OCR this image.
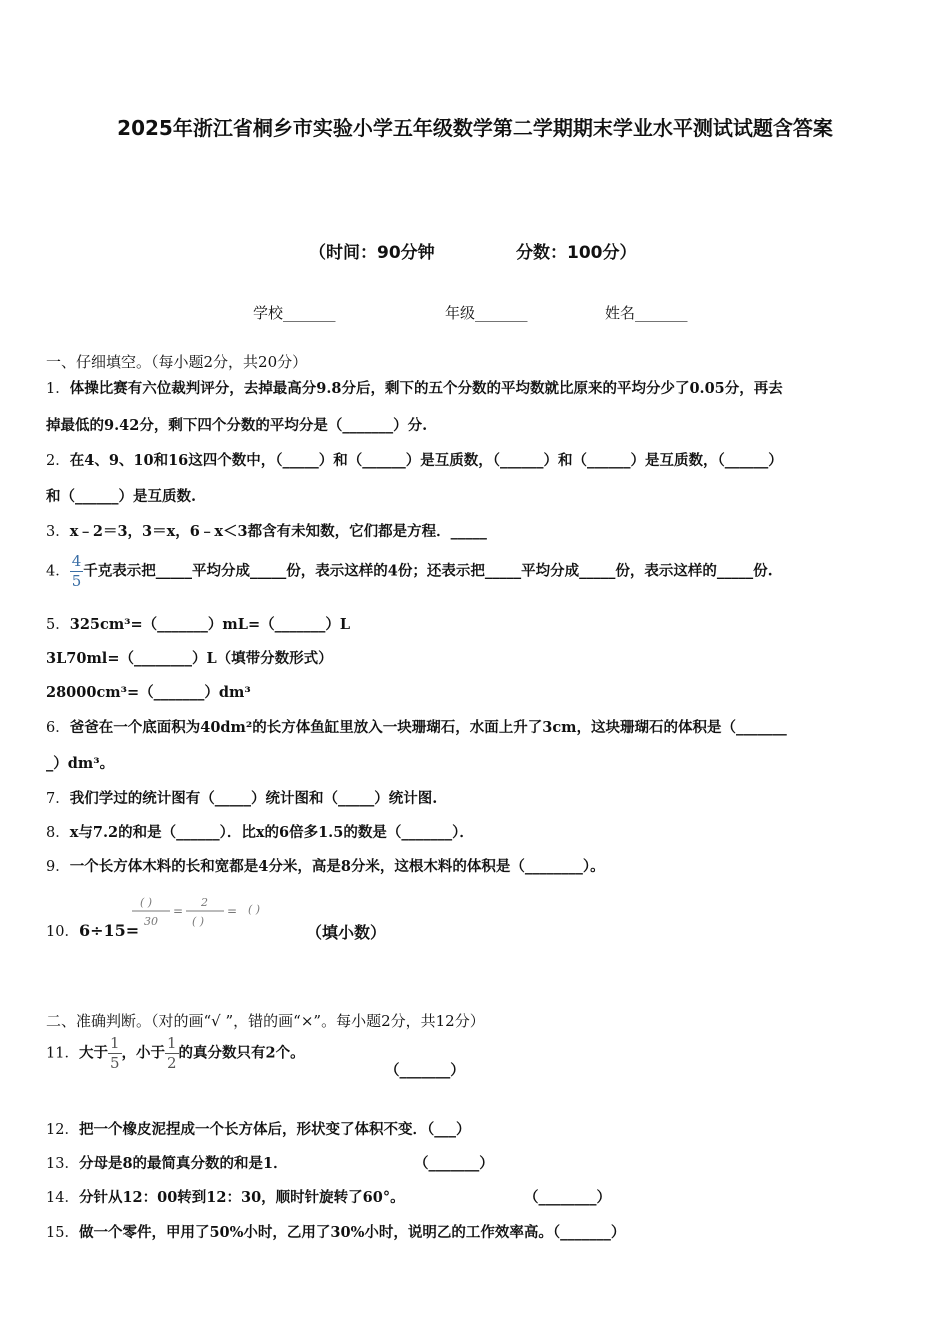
2025年浙江省桐乡市实验小学五年级数学第二学期期末学业水平测试试题含答案
（时间：90分钟	分数：100分）
学校_______	年级_______	姓名_______
一、仔细填空。（每小题2分，共20分）
1．体操比赛有六位裁判评分，去掉最高分9.8分后，剩下的五个分数的平均数就比原来的平均分少了0.05分，再去
掉最低的9.42分，剩下四个分数的平均分是（_______）分.
2．在4、9、10和16这四个数中，（_____）和（______）是互质数，（______）和（______）是互质数，（______）
和（______）是互质数.
3．x﹣2＝3，3＝x，6﹣x＜3都含有未知数，它们都是方程．_____
4． $\frac{4}{5}$ 千克表示把_____平均分成_____份，表示这样的4份；还表示把_____平均分成_____份，表示这样的_____份.
5．325cm³=（_______）mL=（_______）L
3L70ml=（________）L（填带分数形式）
28000cm³=（_______）dm³
6．爸爸在一个底面积为40dm²的长方体鱼缸里放入一块珊瑚石，水面上升了3cm，这块珊瑚石的体积是（_______
_）dm³。
7．我们学过的统计图有（_____）统计图和（_____）统计图.
8．x与7.2的和是（______）．比x的6倍多1.5的数是（_______）．
9．一个长方体木料的长和宽都是4分米，高是8分米，这根木料的体积是（________）。
10．6÷15=
( )
30
=
2
( )
= ( )
（填小数）
二、准确判断。（对的画“√ ”，错的画“×”。每小题2分，共12分）
11．大于 $\frac{1}{5}$ ，小于 $\frac{1}{2}$ 的真分数只有2个。
（_______）
12．把一个橡皮泥捏成一个长方体后，形状变了体积不变．（___）
13．分母是8的最简真分数的和是1．	（_______）
14．分针从12：00转到12：30，顺时针旋转了60°。	（________）
15．做一个零件，甲用了50%小时，乙用了30%小时，说明乙的工作效率高。（_______）
